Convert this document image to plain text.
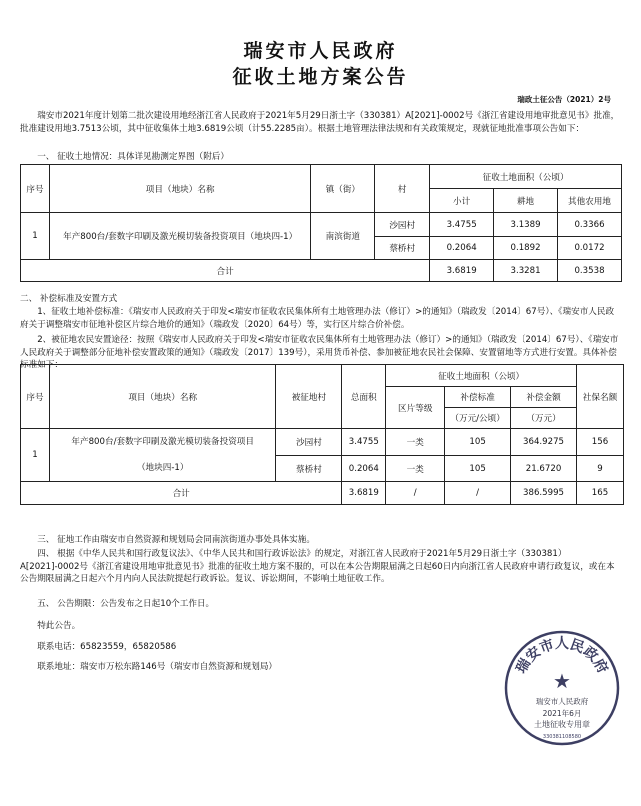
瑞安市人民政府
征收土地方案公告
瑞政土征公告（2021）2号
瑞安市2021年度计划第二批次建设用地经浙江省人民政府于2021年5月29日浙土字（330381）A[2021]-0002号《浙江省建设用地审批意见书》批准，批准建设用地3.7513公顷，其中征收集体土地3.6819公顷（计55.2285亩）。根据土地管理法律法规和有关政策规定，现就征地批准事项公告如下：
一、 征收土地情况：具体详见勘测定界图（附后）
序号	项目（地块）名称	镇（街）	村	征收土地面积（公顷）		
				小计	耕地	其他农用地
1	年产800台/套数字印刷及激光模切装备投资项目（地块四-1）	南滨街道	沙园村	3.4755	3.1389	0.3366
			蔡桥村	0.2064	0.1892	0.0172
合计				3.6819	3.3281	0.3538
二、 补偿标准及安置方式
1、征收土地补偿标准：《瑞安市人民政府关于印发<瑞安市征收农民集体所有土地管理办法（修订）>的通知》（瑞政发〔2014〕67号）、《瑞安市人民政府关于调整瑞安市征地补偿区片综合地价的通知》（瑞政发〔2020〕64号）等，实行区片综合价补偿。
2、被征地农民安置途径：按照《瑞安市人民政府关于印发<瑞安市征收农民集体所有土地管理办法（修订）>的通知》（瑞政发〔2014〕67号）、《瑞安市人民政府关于调整部分征地补偿安置政策的通知》（瑞政发〔2017〕139号），采用货币补偿、参加被征地农民社会保障、安置留地等方式进行安置。具体补偿标准如下：
序号	项目（地块）名称	被征地村	总面积	征收土地面积（公顷）			社保名额
				区片等级	补偿标准	补偿金额	
					（万元/公顷）	（万元）	
1	年产800台/套数字印刷及激光模切装备投资项目
（地块四-1）	沙园村	3.4755	一类	105	364.9275	156
		蔡桥村	0.2064	一类	105	21.6720	9
合计			3.6819	/	/	386.5995	165
三、 征地工作由瑞安市自然资源和规划局会同南滨街道办事处具体实施。
四、 根据《中华人民共和国行政复议法》、《中华人民共和国行政诉讼法》的规定，对浙江省人民政府于2021年5月29日浙土字（330381）A[2021]-0002号《浙江省建设用地审批意见书》批准的征收土地方案不服的，可以在本公告期限届满之日起60日内向浙江省人民政府申请行政复议，或在本公告期限届满之日起六个月内向人民法院提起行政诉讼。复议、诉讼期间，不影响土地征收工作。
五、 公告期限：公告发布之日起10个工作日。
特此公告。
联系电话：65823559，65820586
联系地址：瑞安市万松东路146号（瑞安市自然资源和规划局）	瑞安市人民政府
★
瑞安市人民政府
2021年6月
土地征收专用章
330381108580
